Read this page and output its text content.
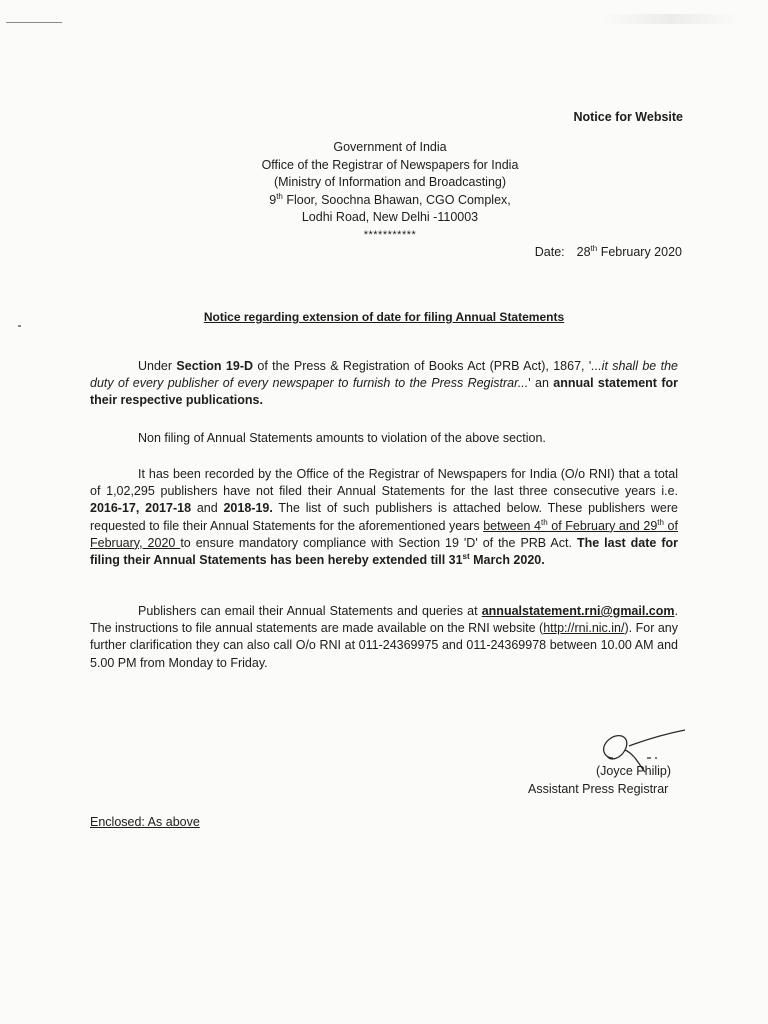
Notice for Website
Government of India
Office of the Registrar of Newspapers for India
(Ministry of Information and Broadcasting)
9th Floor, Soochna Bhawan, CGO Complex,
Lodhi Road, New Delhi -110003
***********
Date: 28th February 2020
Notice regarding extension of date for filing Annual Statements
Under Section 19-D of the Press & Registration of Books Act (PRB Act), 1867, '...it shall be the duty of every publisher of every newspaper to furnish to the Press Registrar...' an annual statement for their respective publications.
Non filing of Annual Statements amounts to violation of the above section.
It has been recorded by the Office of the Registrar of Newspapers for India (O/o RNI) that a total of 1,02,295 publishers have not filed their Annual Statements for the last three consecutive years i.e. 2016-17, 2017-18 and 2018-19. The list of such publishers is attached below. These publishers were requested to file their Annual Statements for the aforementioned years between 4th of February and 29th of February, 2020 to ensure mandatory compliance with Section 19 'D' of the PRB Act. The last date for filing their Annual Statements has been hereby extended till 31st March 2020.
Publishers can email their Annual Statements and queries at annualstatement.rni@gmail.com. The instructions to file annual statements are made available on the RNI website (http://rni.nic.in/). For any further clarification they can also call O/o RNI at 011-24369975 and 011-24369978 between 10.00 AM and 5.00 PM from Monday to Friday.
(Joyce Philip)
Assistant Press Registrar
Enclosed: As above
